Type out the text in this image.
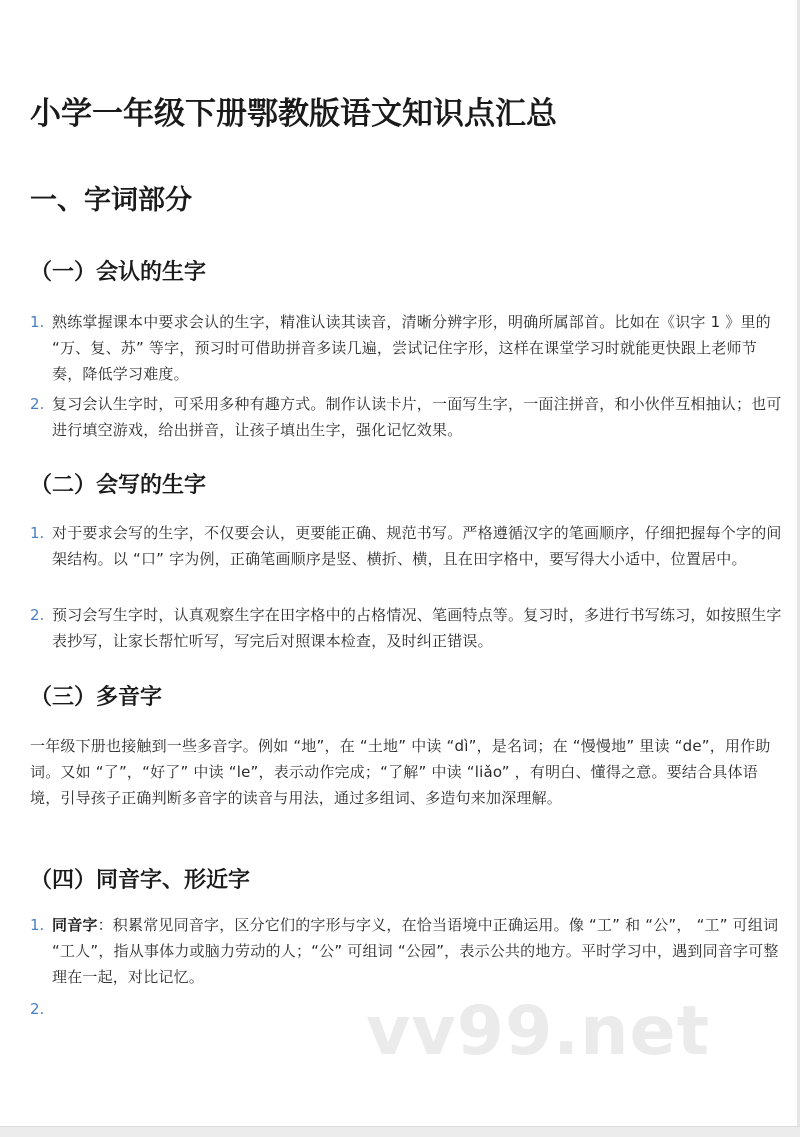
小学一年级下册鄂教版语文知识点汇总
一、字词部分
（一）会认的生字
1. 熟练掌握课本中要求会认的生字，精准认读其读音，清晰分辨字形，明确所属部首。比如在《识字 1 》里的 “万、复、苏” 等字，预习时可借助拼音多读几遍，尝试记住字形，这样在课堂学习时就能更快跟上老师节奏，降低学习难度。
2. 复习会认生字时，可采用多种有趣方式。制作认读卡片，一面写生字，一面注拼音，和小伙伴互相抽认；也可进行填空游戏，给出拼音，让孩子填出生字，强化记忆效果。
（二）会写的生字
1. 对于要求会写的生字，不仅要会认，更要能正确、规范书写。严格遵循汉字的笔画顺序，仔细把握每个字的间架结构。以 “口” 字为例，正确笔画顺序是竖、横折、横，且在田字格中，要写得大小适中，位置居中。
2. 预习会写生字时，认真观察生字在田字格中的占格情况、笔画特点等。复习时，多进行书写练习，如按照生字表抄写，让家长帮忙听写，写完后对照课本检查，及时纠正错误。
（三）多音字
一年级下册也接触到一些多音字。例如 “地”，在 “土地” 中读 “dì”，是名词；在 “慢慢地” 里读 “de”，用作助词。又如 “了”，“好了” 中读 “le”，表示动作完成；“了解” 中读 “liǎo” ，有明白、懂得之意。要结合具体语境，引导孩子正确判断多音字的读音与用法，通过多组词、多造句来加深理解。
（四）同音字、形近字
1. 同音字：积累常见同音字，区分它们的字形与字义，在恰当语境中正确运用。像 “工” 和 “公”， “工” 可组词 “工人”，指从事体力或脑力劳动的人；“公” 可组词 “公园”，表示公共的地方。平时学习中，遇到同音字可整理在一起，对比记忆。
2.	vv99.net
